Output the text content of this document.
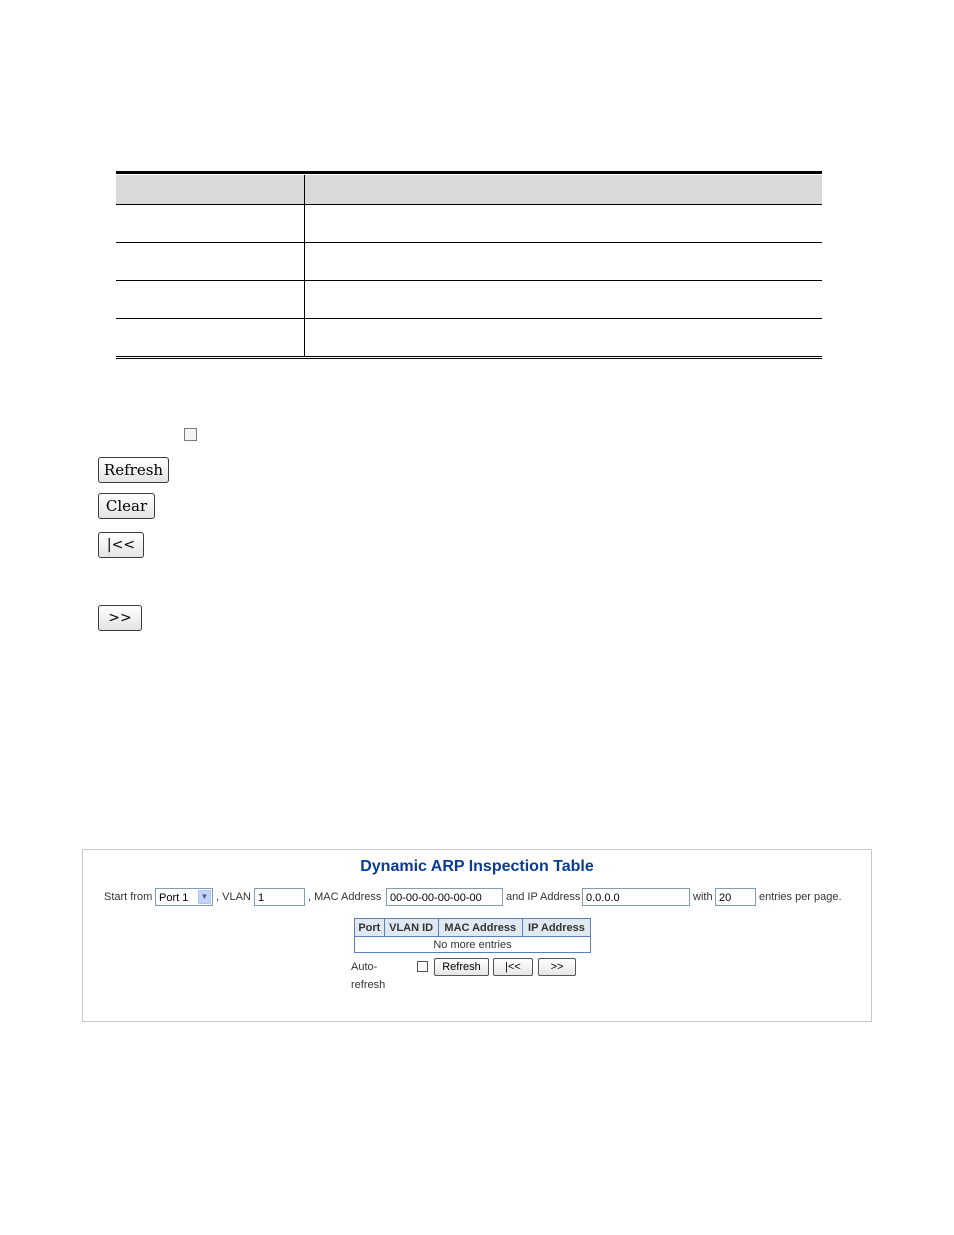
Refresh
Clear
|<<
>>
Dynamic ARP Inspection Table
Start from Port 1	▼ , VLAN 1	, MAC Address 00-00-00-00-00-00	and IP Address 0.0.0.0	with 20	entries per page.
Port	VLAN ID	MAC Address	IP Address
No more entries
Auto-refresh
Refresh	|<<	>>
